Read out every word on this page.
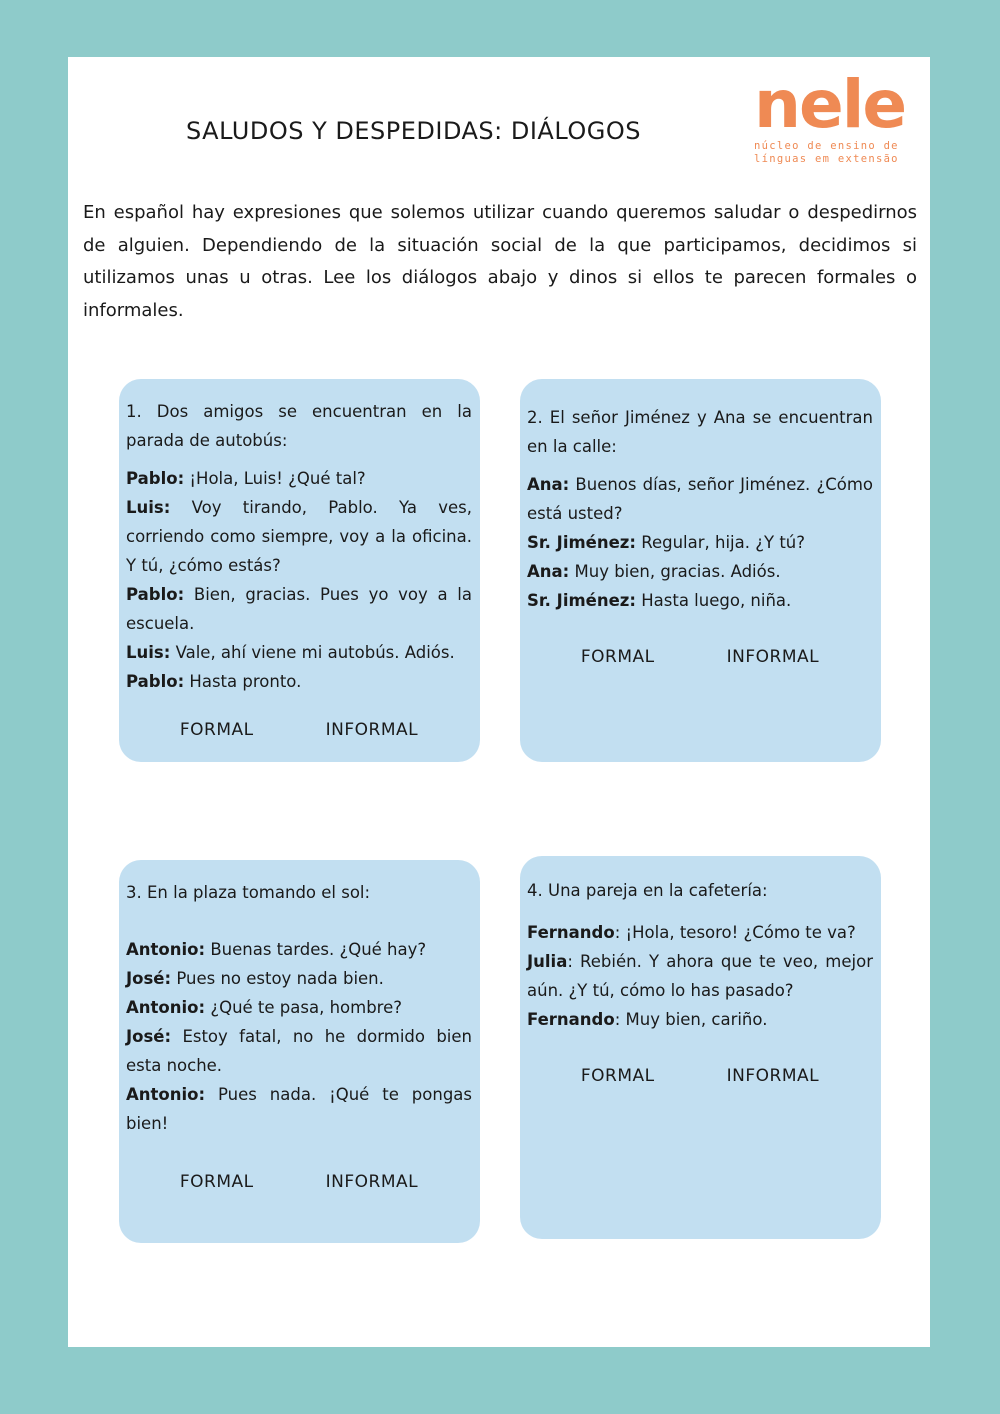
SALUDOS Y DESPEDIDAS: DIÁLOGOS nele
núcleo de ensino de
línguas em extensão

En español hay expresiones que solemos utilizar cuando queremos saludar o despedirnos de alguien. Dependiendo de la situación social de la que participamos, decidimos si utilizamos unas u otras. Lee los diálogos abajo y dinos si ellos te parecen formales o informales.

1. Dos amigos se encuentran en la parada de autobús:

Pablo: ¡Hola, Luis! ¿Qué tal?

Luis: Voy tirando, Pablo. Ya ves, corriendo como siempre, voy a la oficina. Y tú, ¿cómo estás?

Pablo: Bien, gracias. Pues yo voy a la escuela.

Luis: Vale, ahí viene mi autobús. Adiós.

Pablo: Hasta pronto.

FORMAL	INFORMAL

2. El señor Jiménez y Ana se encuentran en la calle:

Ana: Buenos días, señor Jiménez. ¿Cómo está usted?

Sr. Jiménez: Regular, hija. ¿Y tú?

Ana: Muy bien, gracias. Adiós.

Sr. Jiménez: Hasta luego, niña.

FORMAL	INFORMAL

3. En la plaza tomando el sol:

Antonio: Buenas tardes. ¿Qué hay?

José: Pues no estoy nada bien.

Antonio: ¿Qué te pasa, hombre?

José: Estoy fatal, no he dormido bien esta noche.

Antonio: Pues nada. ¡Qué te pongas bien!

FORMAL	INFORMAL

4. Una pareja en la cafetería:

Fernando: ¡Hola, tesoro! ¿Cómo te va?

Julia: Rebién. Y ahora que te veo, mejor aún. ¿Y tú, cómo lo has pasado?

Fernando: Muy bien, cariño.

FORMAL	INFORMAL
